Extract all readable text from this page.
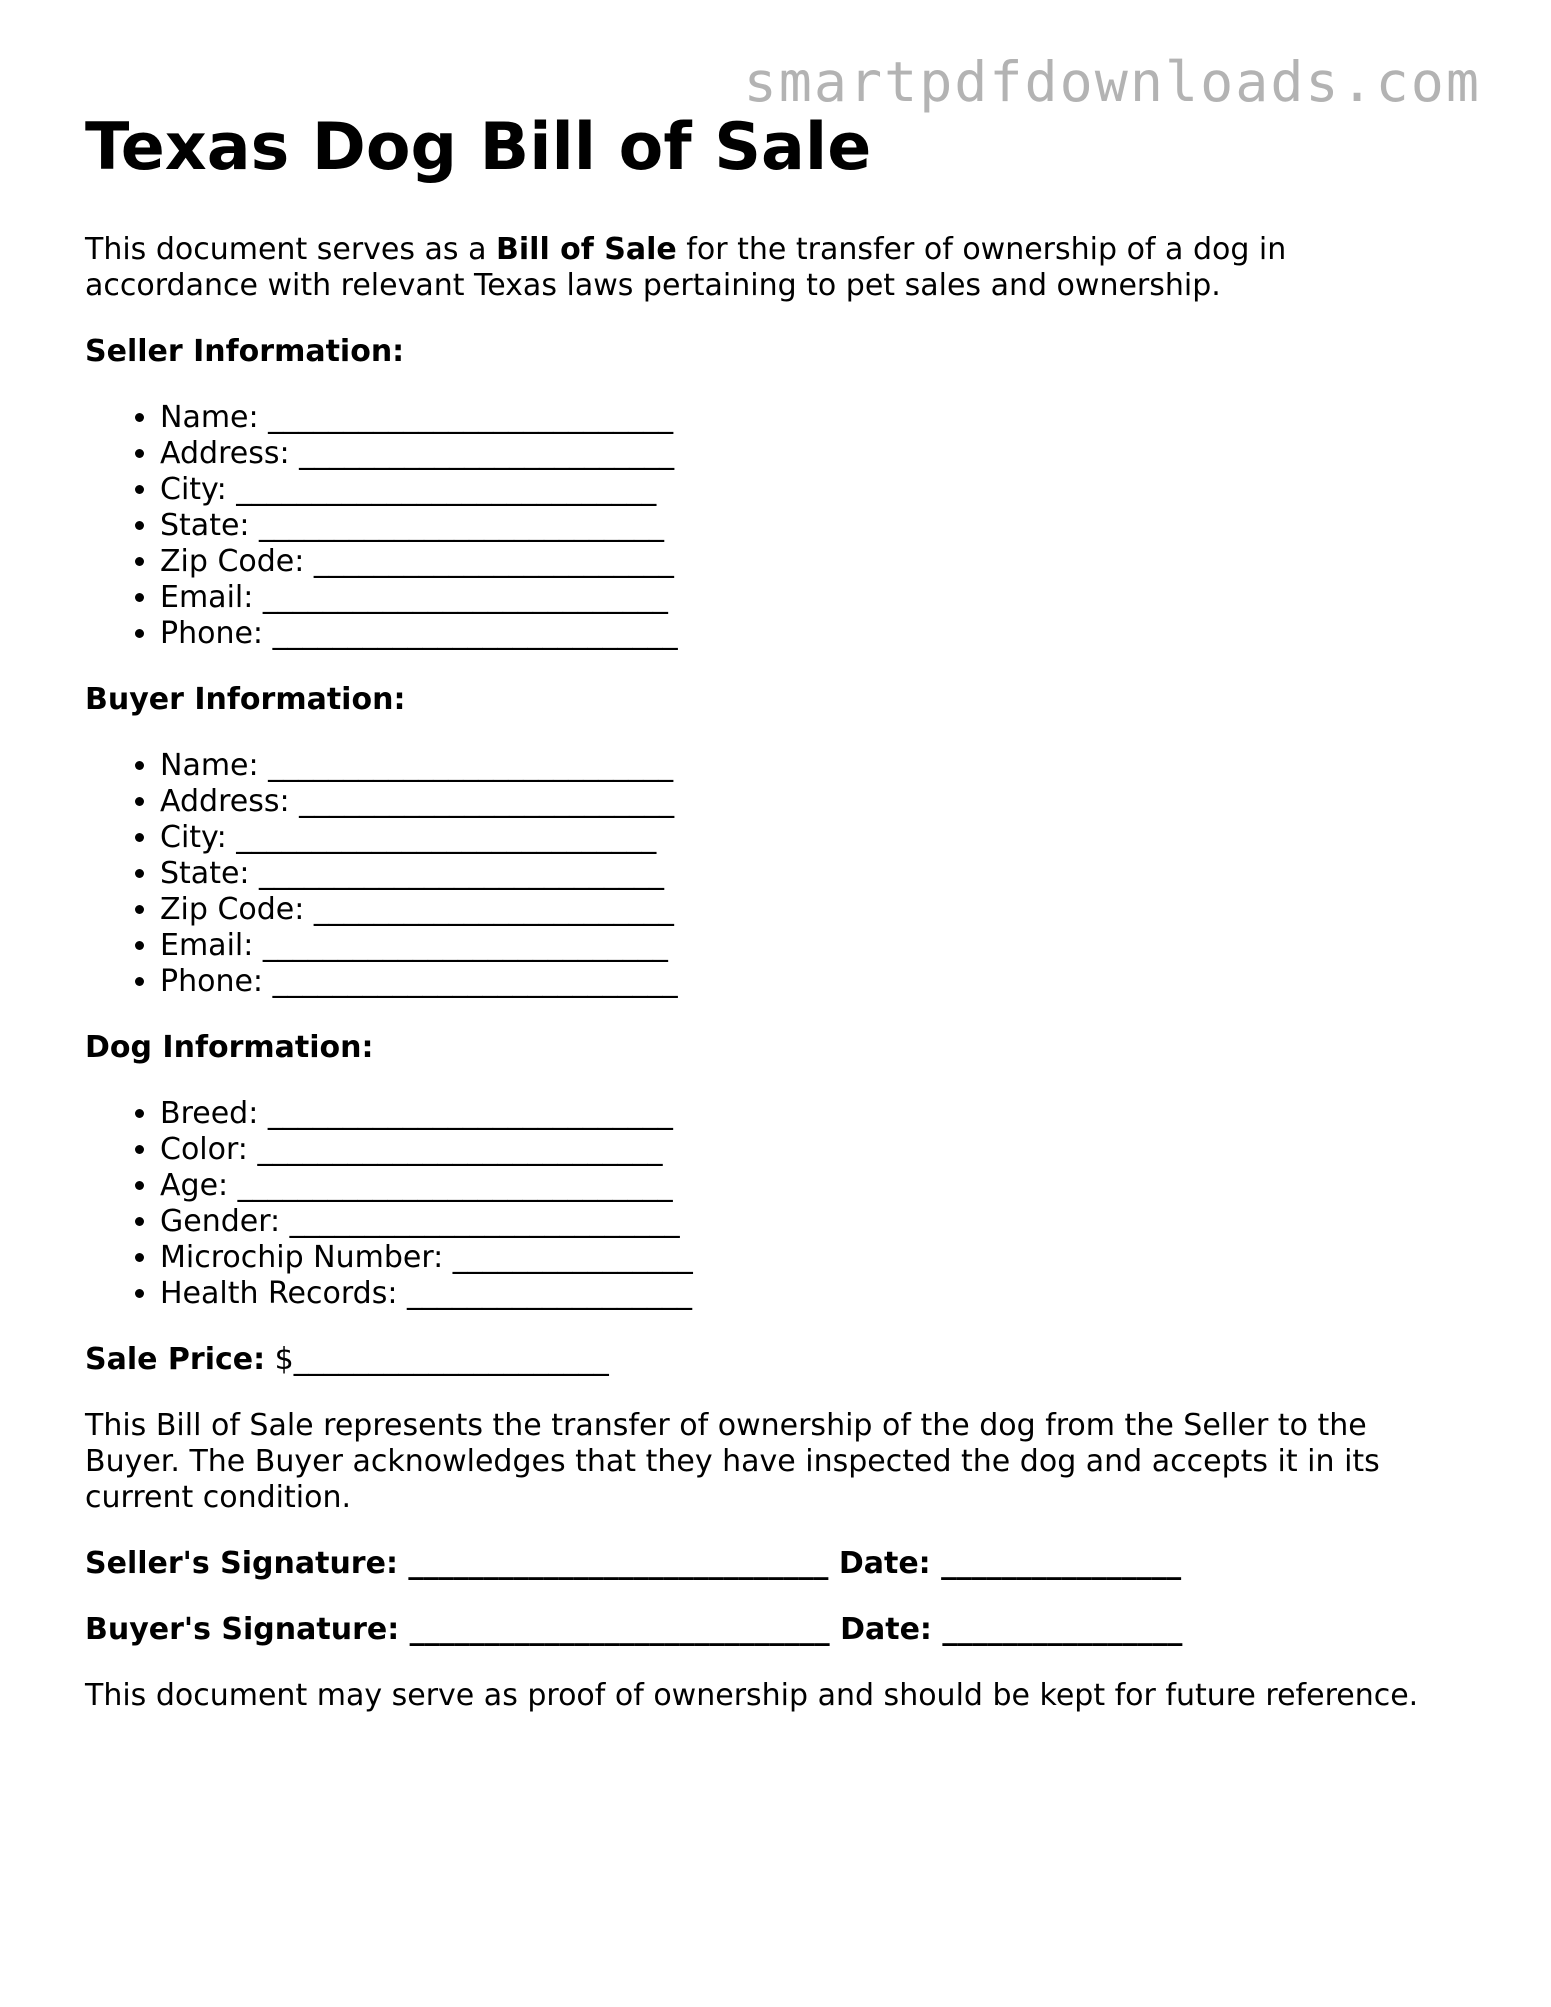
smartpdfdownloads.com
Texas Dog Bill of Sale

This document serves as a Bill of Sale for the transfer of ownership of a dog in accordance with relevant Texas laws pertaining to pet sales and ownership.

Seller Information:
• Name: ___________________________
• Address: _________________________
• City: ____________________________
• State: ___________________________
• Zip Code: ________________________
• Email: ___________________________
• Phone: ___________________________
Buyer Information:
• Name: ___________________________
• Address: _________________________
• City: ____________________________
• State: ___________________________
• Zip Code: ________________________
• Email: ___________________________
• Phone: ___________________________
Dog Information:
• Breed: ___________________________
• Color: ___________________________
• Age: _____________________________
• Gender: __________________________
• Microchip Number: ________________
• Health Records: ___________________
Sale Price: $_____________________

This Bill of Sale represents the transfer of ownership of the dog from the Seller to the Buyer. The Buyer acknowledges that they have inspected the dog and accepts it in its current condition.

Seller's Signature: ____________________________ Date: ________________
Buyer's Signature: ____________________________ Date: ________________

This document may serve as proof of ownership and should be kept for future reference.
